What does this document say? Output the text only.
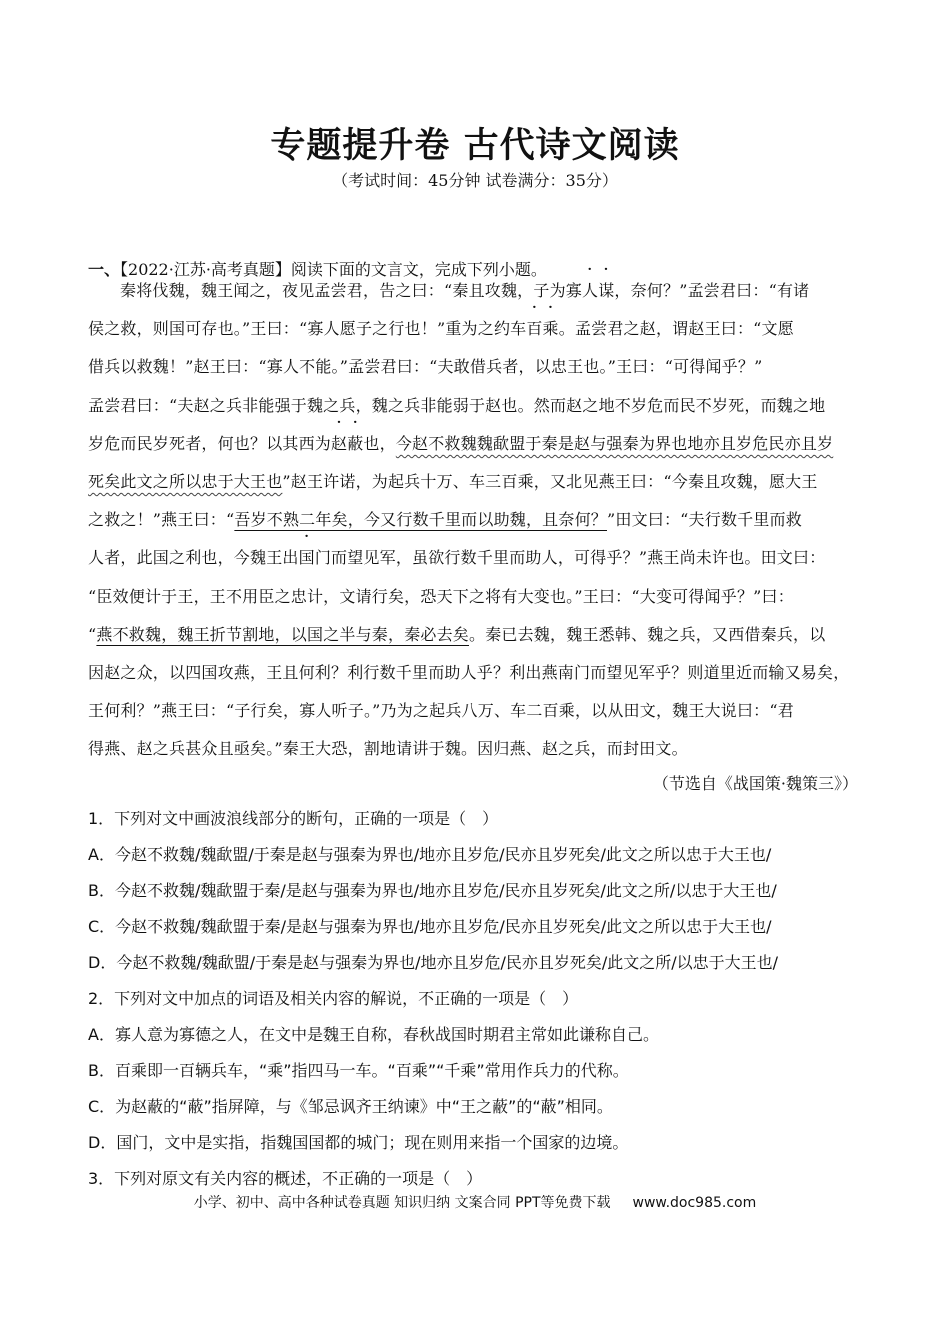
专题提升卷 古代诗文阅读
（考试时间：45分钟 试卷满分：35分）
一、【2022·江苏·高考真题】阅读下面的文言文，完成下列小题。
秦将伐魏，魏王闻之，夜见孟尝君，告之曰：“秦且攻魏，子为寡人谋，奈何？”孟尝君曰：“有诸
侯之救，则国可存也。”王曰：“寡人愿子之行也！”重为之约车百乘。孟尝君之赵，谓赵王曰：“文愿
借兵以救魏！”赵王曰：“寡人不能。”孟尝君曰：“夫敢借兵者，以忠王也。”王曰：“可得闻乎？”
孟尝君曰：“夫赵之兵非能强于魏之兵，魏之兵非能弱于赵也。然而赵之地不岁危而民不岁死，而魏之地
岁危而民岁死者，何也？以其西为赵蔽也，今赵不救魏魏歃盟于秦是赵与强秦为界也地亦且岁危民亦且岁
死矣此文之所以忠于大王也”赵王许诺，为起兵十万、车三百乘，又北见燕王曰：“今秦且攻魏，愿大王
之救之！”燕王曰：“吾岁不熟二年矣，今又行数千里而以助魏，且奈何？”田文曰：“夫行数千里而救
人者，此国之利也，今魏王出国门而望见军，虽欲行数千里而助人，可得乎？”燕王尚未许也。田文曰：
“臣效便计于王，王不用臣之忠计，文请行矣，恐天下之将有大变也。”王曰：“大变可得闻乎？”曰：
“燕不救魏，魏王折节割地，以国之半与秦，秦必去矣。秦已去魏，魏王悉韩、魏之兵，又西借秦兵，以
因赵之众，以四国攻燕，王且何利？利行数千里而助人乎？利出燕南门而望见军乎？则道里近而输又易矣，
王何利？”燕王曰：“子行矣，寡人听子。”乃为之起兵八万、车二百乘，以从田文，魏王大说曰：“君
得燕、赵之兵甚众且亟矣。”秦王大恐，割地请讲于魏。因归燕、赵之兵，而封田文。
（节选自《战国策·魏策三》）
1．下列对文中画波浪线部分的断句，正确的一项是（　）
A．今赵不救魏/魏歃盟/于秦是赵与强秦为界也/地亦且岁危/民亦且岁死矣/此文之所以忠于大王也/
B．今赵不救魏/魏歃盟于秦/是赵与强秦为界也/地亦且岁危/民亦且岁死矣/此文之所/以忠于大王也/
C．今赵不救魏/魏歃盟于秦/是赵与强秦为界也/地亦且岁危/民亦且岁死矣/此文之所以忠于大王也/
D．今赵不救魏/魏歃盟/于秦是赵与强秦为界也/地亦且岁危/民亦且岁死矣/此文之所/以忠于大王也/
2．下列对文中加点的词语及相关内容的解说，不正确的一项是（　）
A．寡人意为寡德之人，在文中是魏王自称，春秋战国时期君主常如此谦称自己。
B．百乘即一百辆兵车，“乘”指四马一车。“百乘”“千乘”常用作兵力的代称。
C．为赵蔽的“蔽”指屏障，与《邹忌讽齐王纳谏》中“王之蔽”的“蔽”相同。
D．国门，文中是实指，指魏国国都的城门；现在则用来指一个国家的边境。
3．下列对原文有关内容的概述，不正确的一项是（　）
小学、初中、高中各种试卷真题 知识归纳 文案合同 PPT等免费下载 www.doc985.com
